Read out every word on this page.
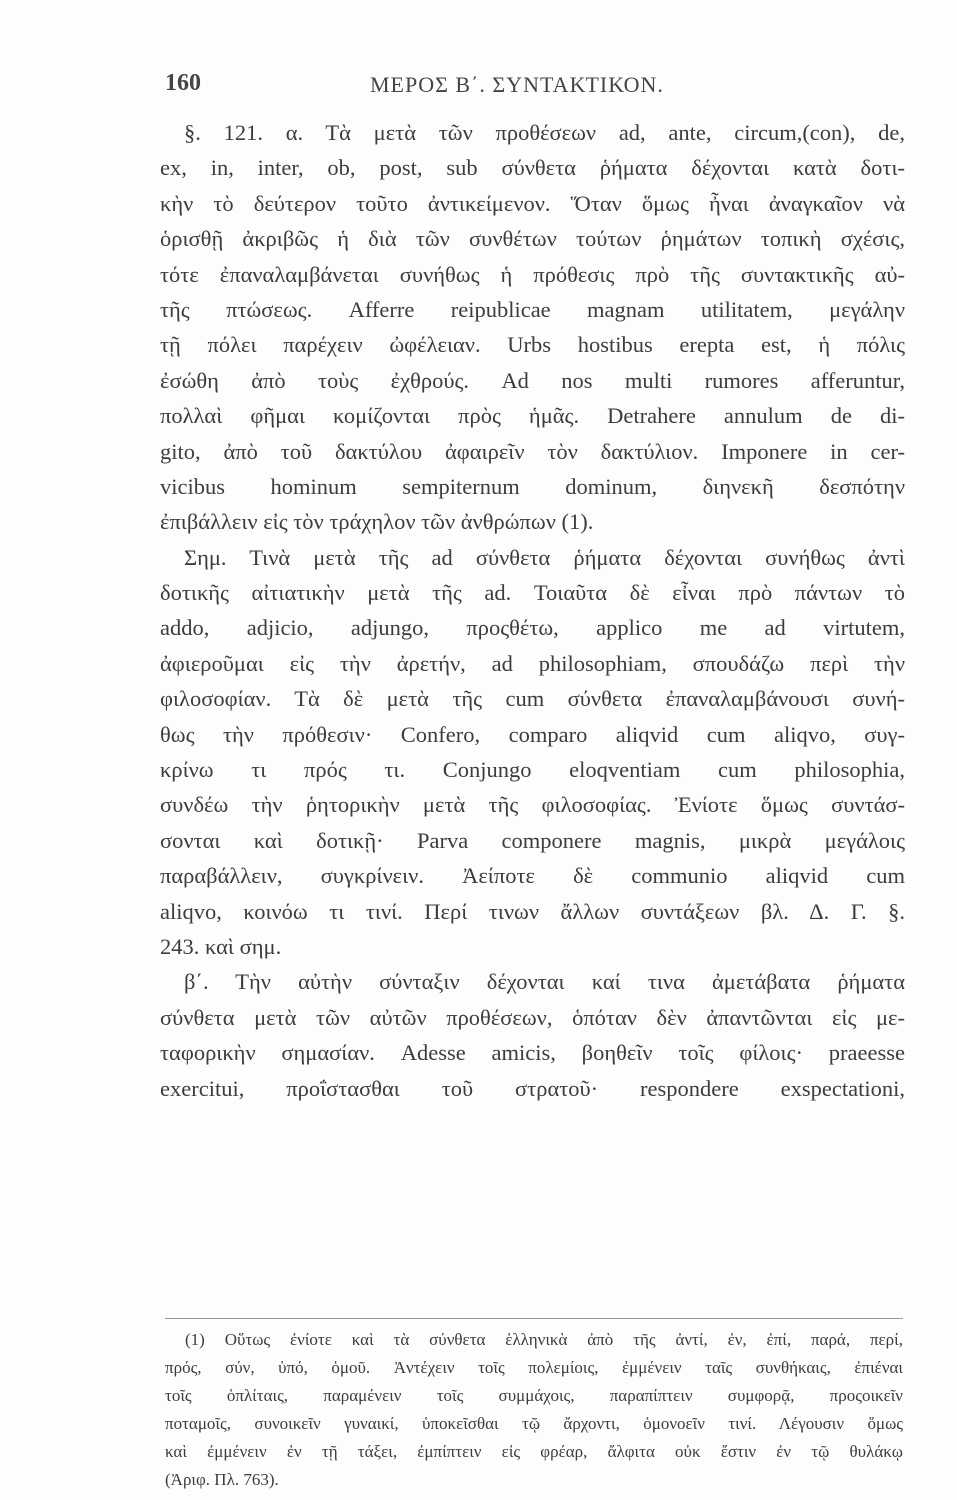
160	ΜΕΡΟΣ Β΄. ΣΥΝΤΑΚΤΙΚΟΝ.
§. 121. α. Τὰ μετὰ τῶν προθέσεων ad, ante, circum,(con), de,
ex, in, inter, ob, post, sub σύνθετα ῥήματα δέχονται κατὰ δοτι-
κὴν τὸ δεύτερον τοῦτο ἀντικείμενον. Ὅταν ὅμως ἦναι ἀναγκαῖον νὰ
ὁρισθῇ ἀκριβῶς ἡ διὰ τῶν συνθέτων τούτων ῥημάτων τοπικὴ σχέσις,
τότε ἐπαναλαμβάνεται συνήθως ἡ πρόθεσις πρὸ τῆς συντακτικῆς αὐ-
τῆς πτώσεως. Afferre reipublicae magnam utilitatem, μεγάλην
τῇ πόλει παρέχειν ὠφέλειαν. Urbs hostibus erepta est, ἡ πόλις
ἐσώθη ἀπὸ τοὺς ἐχθρούς. Ad nos multi rumores afferuntur,
πολλαὶ φῆμαι κομίζονται πρὸς ἡμᾶς. Detrahere annulum de di-
gito, ἀπὸ τοῦ δακτύλου ἀφαιρεῖν τὸν δακτύλιον. Imponere in cer-
vicibus hominum sempiternum dominum, διηνεκῆ δεσπότην
ἐπιβάλλειν εἰς τὸν τράχηλον τῶν ἀνθρώπων (1).
Σημ. Τινὰ μετὰ τῆς ad σύνθετα ῥήματα δέχονται συνήθως ἀντὶ
δοτικῆς αἰτιατικὴν μετὰ τῆς ad. Τοιαῦτα δὲ εἶναι πρὸ πάντων τὸ
addo, adjicio, adjungo, προςθέτω, applico me ad virtutem,
ἀφιεροῦμαι εἰς τὴν ἀρετήν, ad philosophiam, σπουδάζω περὶ τὴν
φιλοσοφίαν. Τὰ δὲ μετὰ τῆς cum σύνθετα ἐπαναλαμβάνουσι συνή-
θως τὴν πρόθεσιν· Confero, comparo aliqvid cum aliqvo, συγ-
κρίνω τι πρός τι. Conjungo eloqventiam cum philosophia,
συνδέω τὴν ῥητορικὴν μετὰ τῆς φιλοσοφίας. Ἐνίοτε ὅμως συντάσ-
σονται καὶ δοτικῇ· Parva componere magnis, μικρὰ μεγάλοις
παραβάλλειν, συγκρίνειν. Ἀείποτε δὲ communio aliqvid cum
aliqvo, κοινόω τι τινί. Περί τινων ἄλλων συντάξεων βλ. Δ. Γ. §.
243. καὶ σημ.
β΄. Τὴν αὐτὴν σύνταξιν δέχονται καί τινα ἀμετάβατα ῥήματα
σύνθετα μετὰ τῶν αὐτῶν προθέσεων, ὁπόταν δὲν ἀπαντῶνται εἰς με-
ταφορικὴν σημασίαν. Adesse amicis, βοηθεῖν τοῖς φίλοις· praeesse
exercitui, προΐστασθαι τοῦ στρατοῦ· respondere exspectationi,
(1) Οὕτως ἐνίοτε καὶ τὰ σύνθετα ἑλληνικὰ ἀπὸ τῆς ἀντί, ἐν, ἐπί, παρά, περί,
πρός, σύν, ὑπό, ὁμοῦ. Ἀντέχειν τοῖς πολεμίοις, ἐμμένειν ταῖς συνθήκαις, ἐπιέναι
τοῖς ὁπλίταις, παραμένειν τοῖς συμμάχοις, παραπίπτειν συμφορᾷ, προςοικεῖν
ποταμοῖς, συνοικεῖν γυναικί, ὑποκεῖσθαι τῷ ἄρχοντι, ὁμονοεῖν τινί. Λέγουσιν ὅμως
καὶ ἐμμένειν ἐν τῇ τάξει, ἐμπίπτειν εἰς φρέαρ, ἄλφιτα οὐκ ἔστιν ἐν τῷ θυλάκῳ
(Ἀριφ. Πλ. 763).
